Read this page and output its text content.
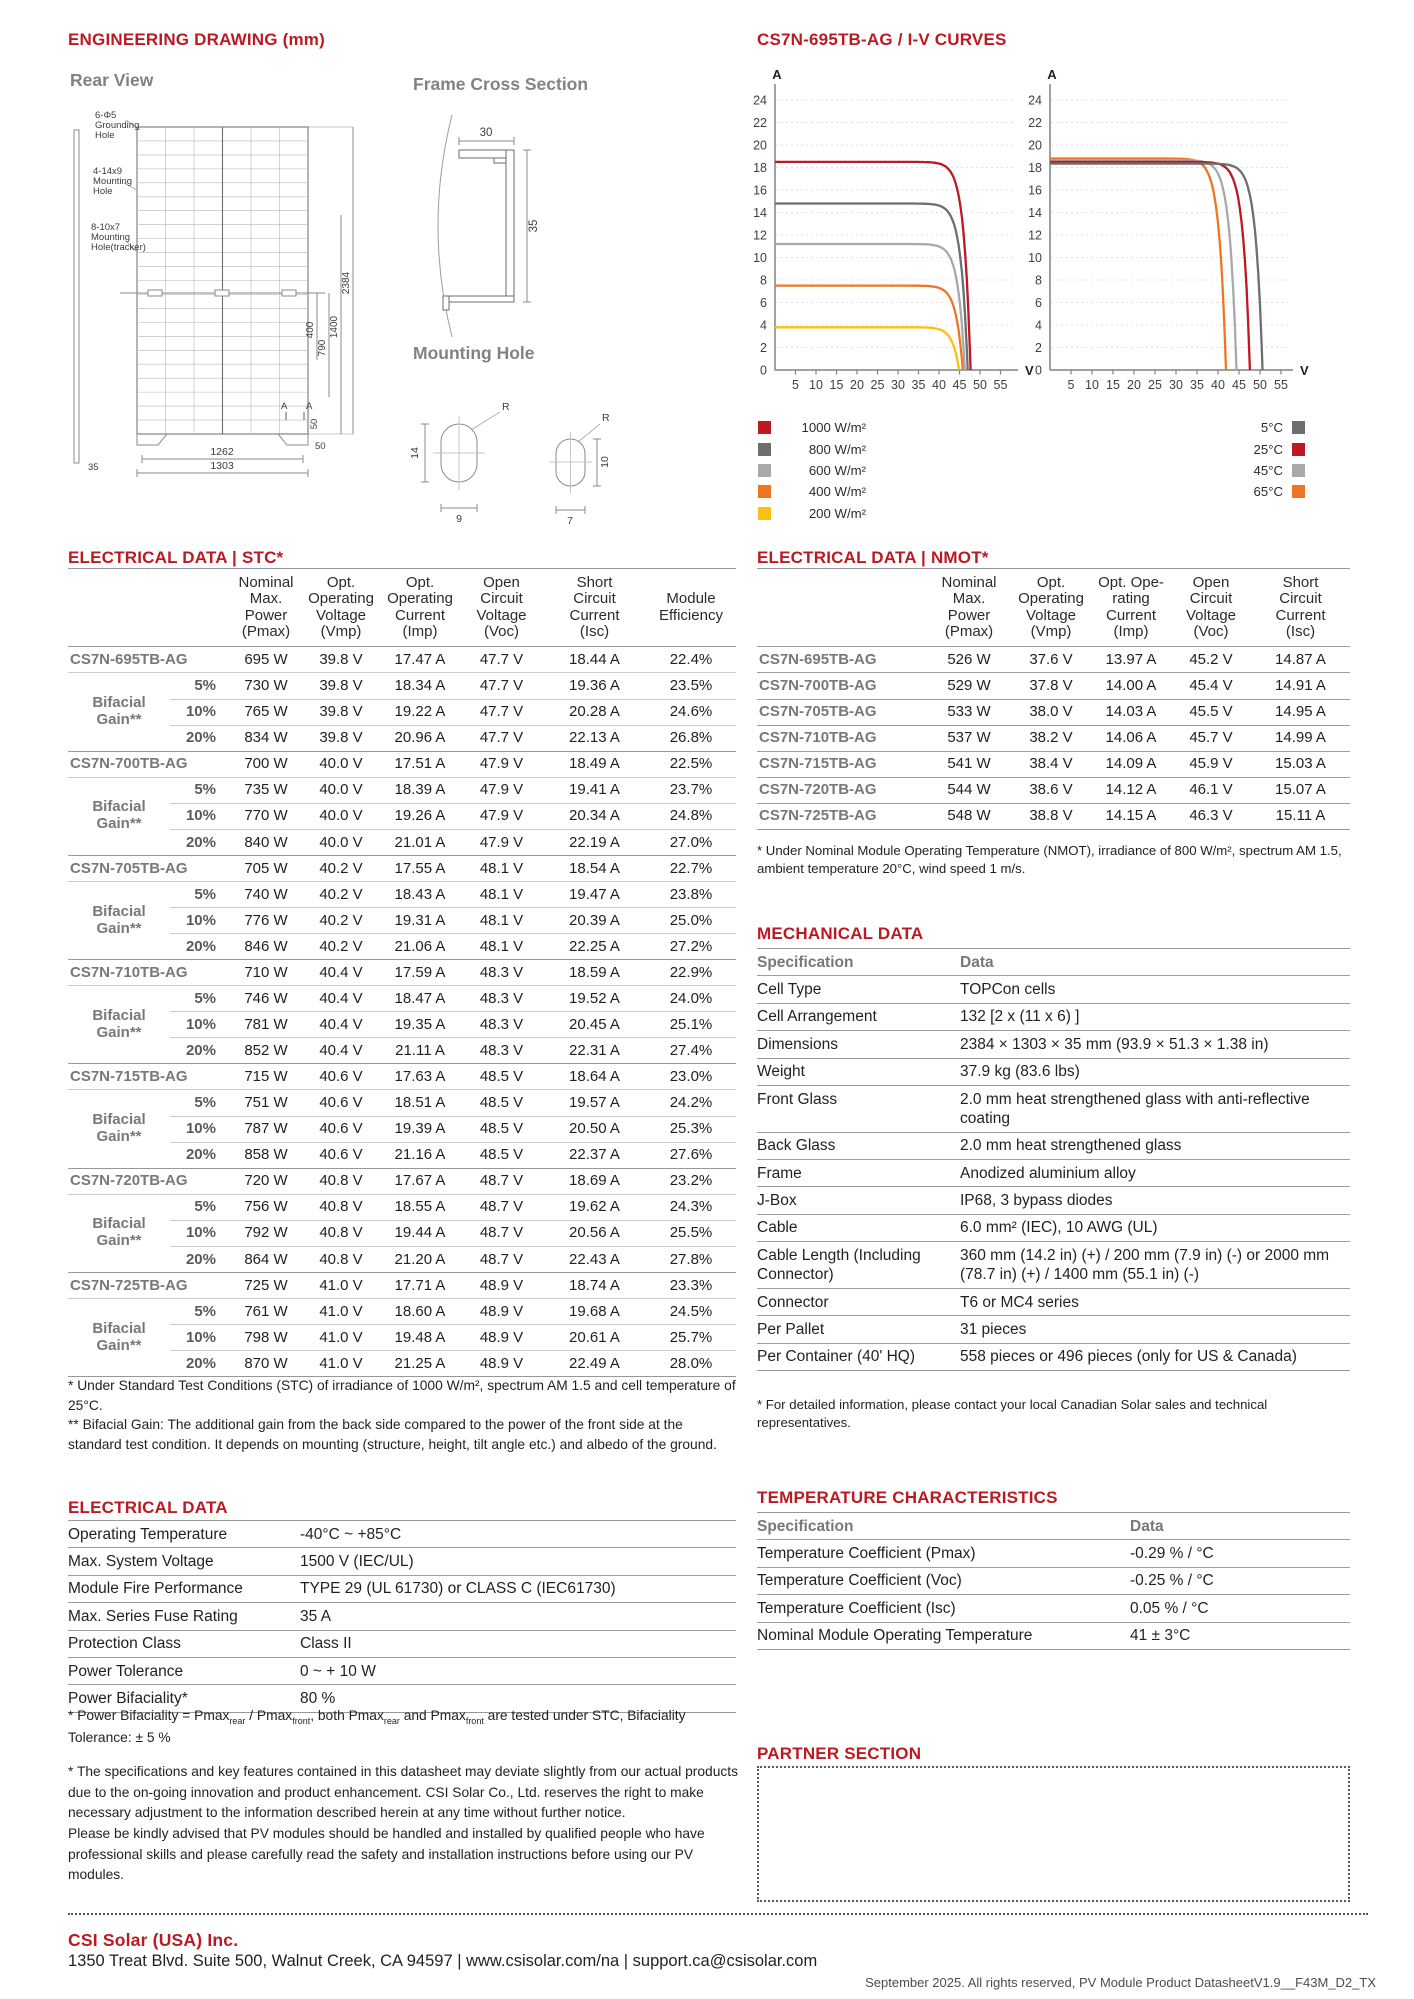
ENGINEERING DRAWING (mm)	CS7N-695TB-AG / I-V CURVES
Rear View	Frame Cross Section
Mounting Hole
6-Φ5
Grounding
Hole
4-14x9
Mounting
Hole
8-10x7
Mounting
Hole(tracker)
35
1262
1303
400
790
1400
2384
A A
50
50
30
35
R
14
9
R
10
7
0
2
4
6
8
10
12
14
16
18
20
22
24
5 10 15 20 25 30 35 40 45 50 55
A
V 0
2
4
6
8
10
12
14
16
18
20
22
24
5 10 15 20 25 30 35 40 45 50 55
A
V
1000 W/m²
800 W/m²
600 W/m²
400 W/m²
200 W/m²
5°C
25°C
45°C
65°C
ELECTRICAL DATA | STC*
		Nominal
Max.
Power
(Pmax)	Opt.
Operating
Voltage
(Vmp)	Opt.
Operating
Current
(Imp)	Open
Circuit
Voltage
(Voc)	Short
Circuit
Current
(Isc)	Module
Efficiency
CS7N-695TB-AG		695 W	39.8 V	17.47 A	47.7 V	18.44 A	22.4%
Bifacial
Gain**	5%	730 W	39.8 V	18.34 A	47.7 V	19.36 A	23.5%
	10%	765 W	39.8 V	19.22 A	47.7 V	20.28 A	24.6%
	20%	834 W	39.8 V	20.96 A	47.7 V	22.13 A	26.8%
CS7N-700TB-AG		700 W	40.0 V	17.51 A	47.9 V	18.49 A	22.5%
Bifacial
Gain**	5%	735 W	40.0 V	18.39 A	47.9 V	19.41 A	23.7%
	10%	770 W	40.0 V	19.26 A	47.9 V	20.34 A	24.8%
	20%	840 W	40.0 V	21.01 A	47.9 V	22.19 A	27.0%
CS7N-705TB-AG		705 W	40.2 V	17.55 A	48.1 V	18.54 A	22.7%
Bifacial
Gain**	5%	740 W	40.2 V	18.43 A	48.1 V	19.47 A	23.8%
	10%	776 W	40.2 V	19.31 A	48.1 V	20.39 A	25.0%
	20%	846 W	40.2 V	21.06 A	48.1 V	22.25 A	27.2%
CS7N-710TB-AG		710 W	40.4 V	17.59 A	48.3 V	18.59 A	22.9%
Bifacial
Gain**	5%	746 W	40.4 V	18.47 A	48.3 V	19.52 A	24.0%
	10%	781 W	40.4 V	19.35 A	48.3 V	20.45 A	25.1%
	20%	852 W	40.4 V	21.11 A	48.3 V	22.31 A	27.4%
CS7N-715TB-AG		715 W	40.6 V	17.63 A	48.5 V	18.64 A	23.0%
Bifacial
Gain**	5%	751 W	40.6 V	18.51 A	48.5 V	19.57 A	24.2%
	10%	787 W	40.6 V	19.39 A	48.5 V	20.50 A	25.3%
	20%	858 W	40.6 V	21.16 A	48.5 V	22.37 A	27.6%
CS7N-720TB-AG		720 W	40.8 V	17.67 A	48.7 V	18.69 A	23.2%
Bifacial
Gain**	5%	756 W	40.8 V	18.55 A	48.7 V	19.62 A	24.3%
	10%	792 W	40.8 V	19.44 A	48.7 V	20.56 A	25.5%
	20%	864 W	40.8 V	21.20 A	48.7 V	22.43 A	27.8%
CS7N-725TB-AG		725 W	41.0 V	17.71 A	48.9 V	18.74 A	23.3%
Bifacial
Gain**	5%	761 W	41.0 V	18.60 A	48.9 V	19.68 A	24.5%
	10%	798 W	41.0 V	19.48 A	48.9 V	20.61 A	25.7%
	20%	870 W	41.0 V	21.25 A	48.9 V	22.49 A	28.0%
* Under Standard Test Conditions (STC) of irradiance of 1000 W/m², spectrum AM 1.5 and cell temperature of 25°C.
** Bifacial Gain: The additional gain from the back side compared to the power of the front side at the standard test condition. It depends on mounting (structure, height, tilt angle etc.) and albedo of the ground.
ELECTRICAL DATA | NMOT*
	Nominal
Max.
Power
(Pmax)	Opt.
Operating
Voltage
(Vmp)	Opt. Ope-
rating
Current
(Imp)	Open
Circuit
Voltage
(Voc)	Short
Circuit
Current
(Isc)
CS7N-695TB-AG	526 W	37.6 V	13.97 A	45.2 V	14.87 A
CS7N-700TB-AG	529 W	37.8 V	14.00 A	45.4 V	14.91 A
CS7N-705TB-AG	533 W	38.0 V	14.03 A	45.5 V	14.95 A
CS7N-710TB-AG	537 W	38.2 V	14.06 A	45.7 V	14.99 A
CS7N-715TB-AG	541 W	38.4 V	14.09 A	45.9 V	15.03 A
CS7N-720TB-AG	544 W	38.6 V	14.12 A	46.1 V	15.07 A
CS7N-725TB-AG	548 W	38.8 V	14.15 A	46.3 V	15.11 A
* Under Nominal Module Operating Temperature (NMOT), irradiance of 800 W/m², spectrum AM 1.5, ambient temperature 20°C, wind speed 1 m/s.
MECHANICAL DATA
Specification	Data
Cell Type	TOPCon cells
Cell Arrangement	132 [2 x (11 x 6) ]
Dimensions	2384 × 1303 × 35 mm (93.9 × 51.3 × 1.38 in)
Weight	37.9 kg (83.6 lbs)
Front Glass	2.0 mm heat strengthened glass with anti-reflective coating
Back Glass	2.0 mm heat strengthened glass
Frame	Anodized aluminium alloy
J-Box	IP68, 3 bypass diodes
Cable	6.0 mm² (IEC), 10 AWG (UL)
Cable Length (Including Connector)	360 mm (14.2 in) (+) / 200 mm (7.9 in) (-) or 2000 mm (78.7 in) (+) / 1400 mm (55.1 in) (-)
Connector	T6 or MC4 series
Per Pallet	31 pieces
Per Container (40' HQ)	558 pieces or 496 pieces (only for US & Canada)
* For detailed information, please contact your local Canadian Solar sales and technical representatives.
ELECTRICAL DATA
Operating Temperature	-40°C ~ +85°C
Max. System Voltage	1500 V (IEC/UL)
Module Fire Performance	TYPE 29 (UL 61730) or CLASS C (IEC61730)
Max. Series Fuse Rating	35 A
Protection Class	Class II
Power Tolerance	0 ~ + 10 W
Power Bifaciality*	80 %
* Power Bifaciality = Pmax$_{rear}$ / Pmax$_{front}$, both Pmax$_{rear}$ and Pmax$_{front}$ are tested under STC, Bifaciality Tolerance: ± 5 %
TEMPERATURE CHARACTERISTICS
Specification	Data
Temperature Coefficient (Pmax)	-0.29 % / °C
Temperature Coefficient (Voc)	-0.25 % / °C
Temperature Coefficient (Isc)	0.05 % / °C
Nominal Module Operating Temperature	41 ± 3°C

* The specifications and key features contained in this datasheet may deviate slightly from our actual products due to the on-going innovation and product enhancement. CSI Solar Co., Ltd. reserves the right to make necessary adjustment to the information described herein at any time without further notice.

Please be kindly advised that PV modules should be handled and installed by qualified people who have professional skills and please carefully read the safety and installation instructions before using our PV modules.

PARTNER SECTION
CSI Solar (USA) Inc.
1350 Treat Blvd. Suite 500, Walnut Creek, CA 94597 | www.csisolar.com/na | support.ca@csisolar.com
September 2025. All rights reserved, PV Module Product DatasheetV1.9__F43M_D2_TX
